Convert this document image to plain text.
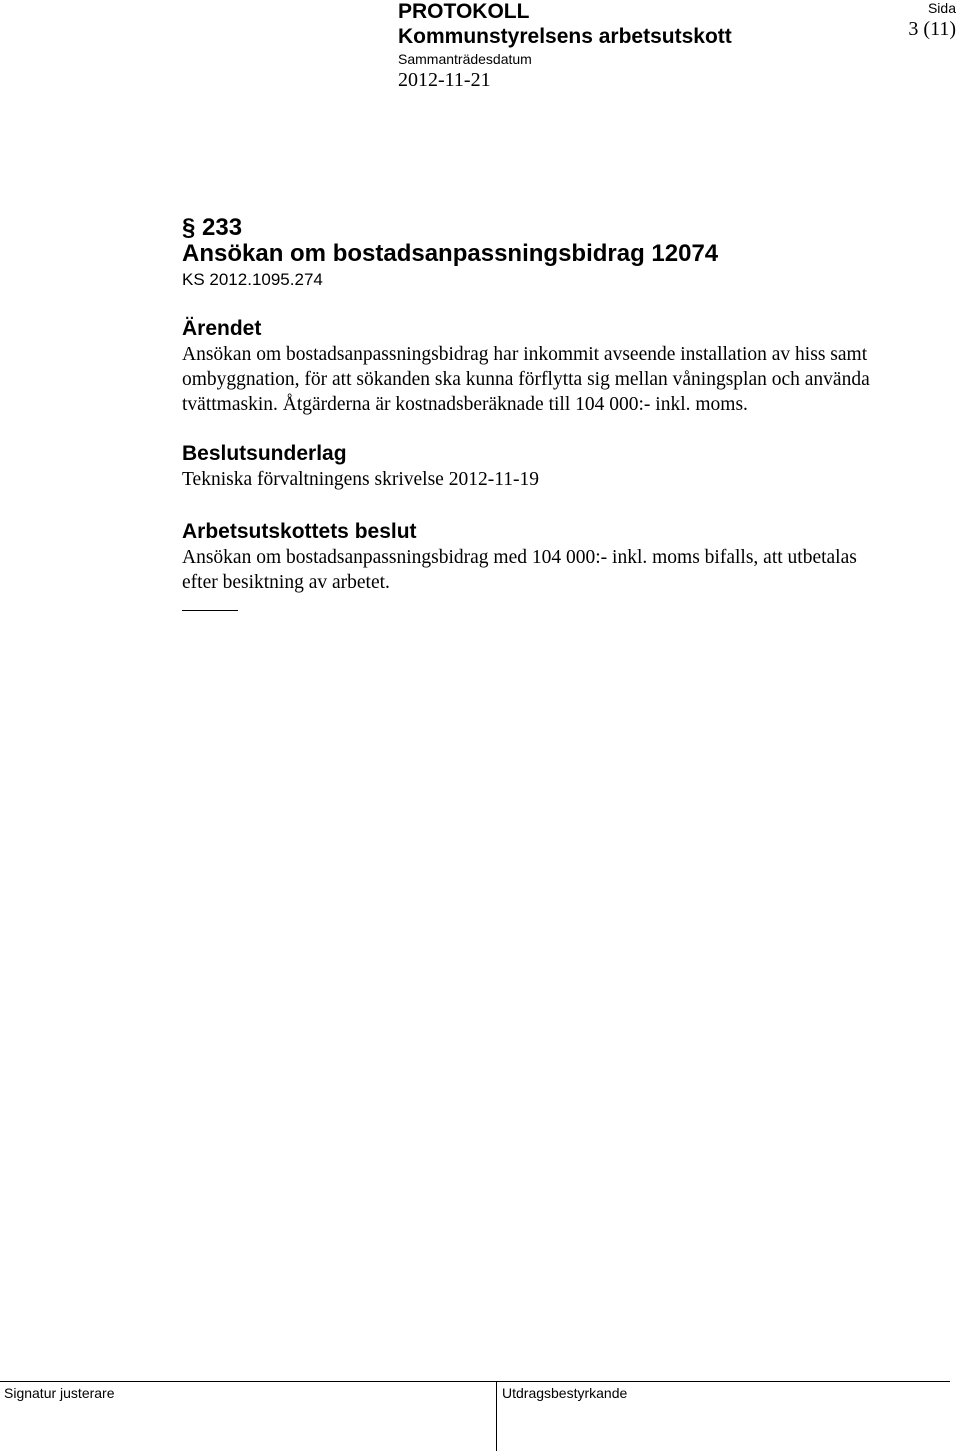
PROTOKOLL
Kommunstyrelsens arbetsutskott
Sammanträdesdatum
2012-11-21
Sida
3 (11)
§ 233
Ansökan om bostadsanpassningsbidrag 12074
KS 2012.1095.274
Ärendet
Ansökan om bostadsanpassningsbidrag har inkommit avseende installation av hiss samt ombyggnation, för att sökanden ska kunna förflytta sig mellan våningsplan och använda tvättmaskin. Åtgärderna är kostnadsberäknade till 104 000:- inkl. moms.
Beslutsunderlag
Tekniska förvaltningens skrivelse 2012-11-19
Arbetsutskottets beslut
Ansökan om bostadsanpassningsbidrag med 104 000:- inkl. moms bifalls, att utbetalas efter besiktning av arbetet.
Signatur justerare	Utdragsbestyrkande
